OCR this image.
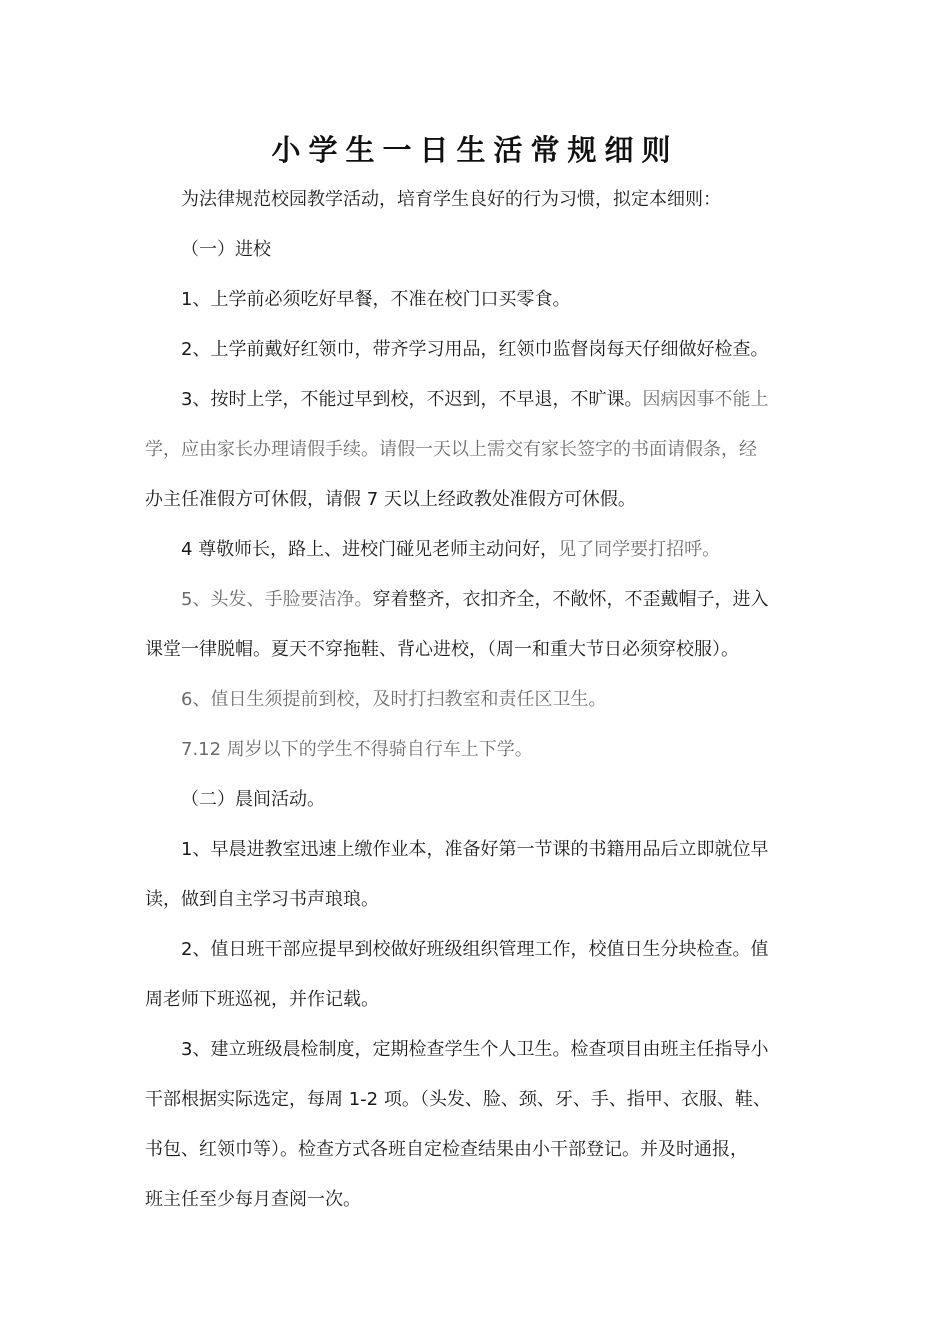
小学生一日生活常规细则
为法律规范校园教学活动，培育学生良好的行为习惯，拟定本细则：
（一）进校
1、上学前必须吃好早餐，不准在校门口买零食。
2、上学前戴好红领巾，带齐学习用品，红领巾监督岗每天仔细做好检查。
3、按时上学，不能过早到校，不迟到，不早退，不旷课。因病因事不能上
学，应由家长办理请假手续。请假一天以上需交有家长签字的书面请假条，经
办主任准假方可休假，请假 7 天以上经政教处准假方可休假。
4 尊敬师长，路上、进校门碰见老师主动问好，见了同学要打招呼。
5、头发、手脸要洁净。穿着整齐，衣扣齐全，不敞怀，不歪戴帽子，进入
课堂一律脱帽。夏天不穿拖鞋、背心进校，（周一和重大节日必须穿校服）。
6、值日生须提前到校，及时打扫教室和责任区卫生。
7.12 周岁以下的学生不得骑自行车上下学。
（二）晨间活动。
1、早晨进教室迅速上缴作业本，准备好第一节课的书籍用品后立即就位早
读，做到自主学习书声琅琅。
2、值日班干部应提早到校做好班级组织管理工作，校值日生分块检查。值
周老师下班巡视，并作记载。
3、建立班级晨检制度，定期检查学生个人卫生。检查项目由班主任指导小
干部根据实际选定，每周 1-2 项。（头发、脸、颈、牙、手、指甲、衣服、鞋、
书包、红领巾等）。检查方式各班自定检查结果由小干部登记。并及时通报，
班主任至少每月查阅一次。
